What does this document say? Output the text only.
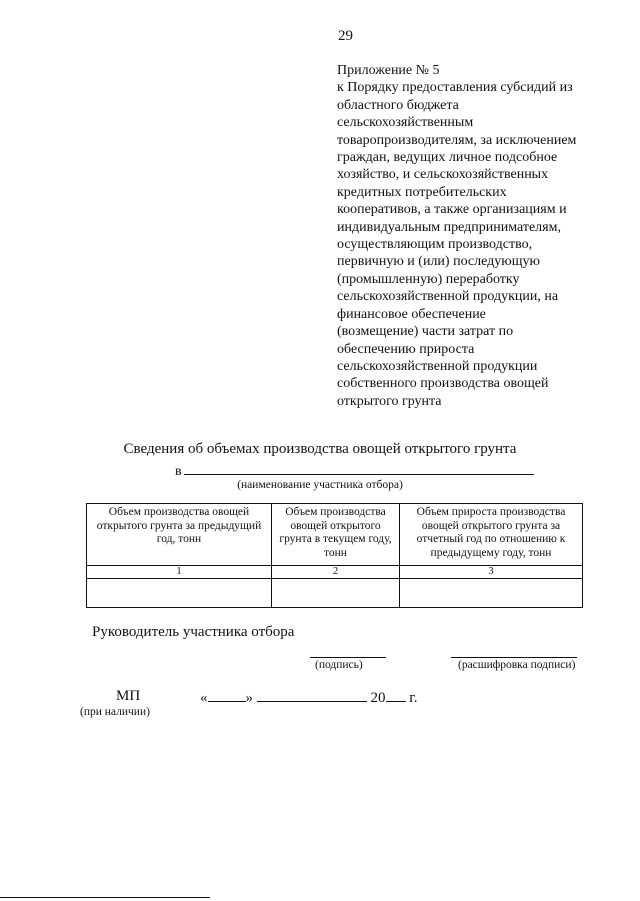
29
Приложение № 5
к Порядку предоставления субсидий из
областного бюджета
сельскохозяйственным
товаропроизводителям, за исключением
граждан, ведущих личное подсобное
хозяйство, и сельскохозяйственных
кредитных потребительских
кооперативов, а также организациям и
индивидуальным предпринимателям,
осуществляющим производство,
первичную и (или) последующую
(промышленную) переработку
сельскохозяйственной продукции, на
финансовое обеспечение
(возмещение) части затрат по
обеспечению прироста
сельскохозяйственной продукции
собственного производства овощей
открытого грунта
Сведения об объемах производства овощей открытого грунта
в
(наименование участника отбора)
Объем производства овощей открытого грунта за предыдущий год, тонн	Объем производства овощей открытого грунта в текущем году, тонн	Объем прироста производства овощей открытого грунта за отчетный год по отношению к предыдущему году, тонн
1	2	3

Руководитель участника отбора
(подпись)	(расшифровка подписи)
МП	«	»	20 г.
(при наличии)
